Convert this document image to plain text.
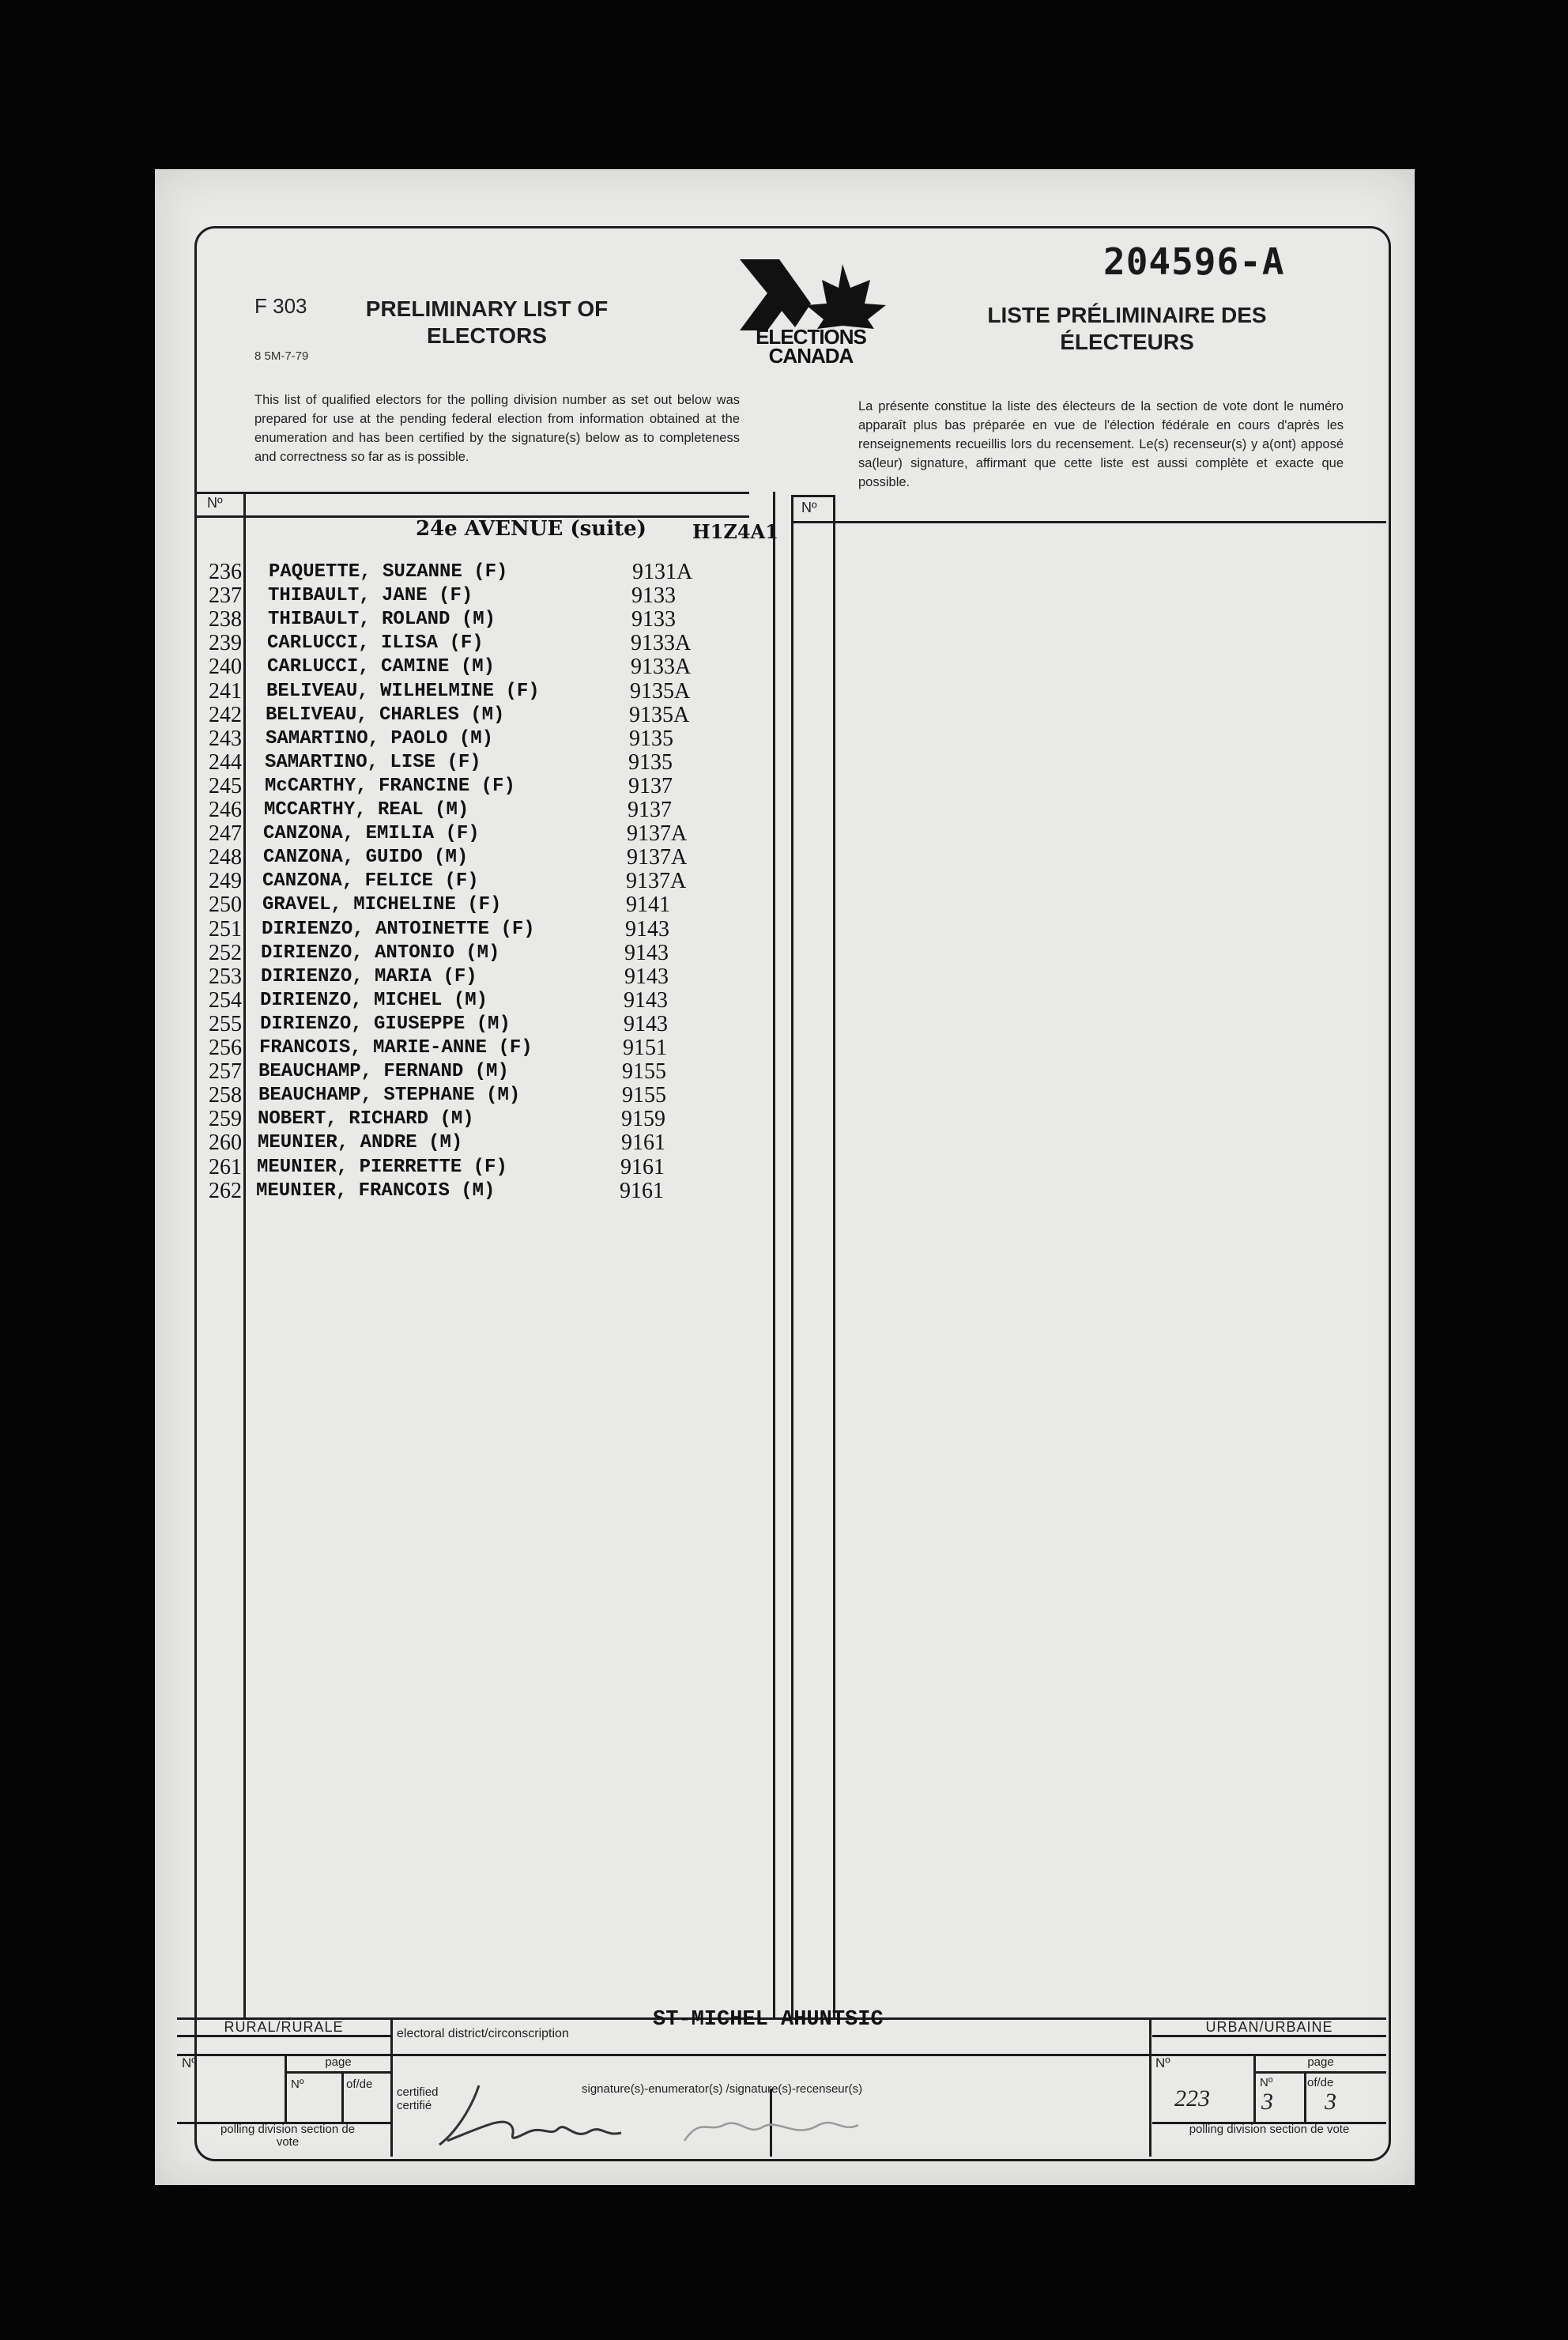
204596-A
F 303
8 5M-7-79
PRELIMINARY LIST OF ELECTORS
LISTE PRÉLIMINAIRE DES ÉLECTEURS
ELECTIONS CANADA
This list of qualified electors for the polling division number as set out below was prepared for use at the pending federal election from information obtained at the enumeration and has been certified by the signature(s) below as to completeness and correctness so far as is possible.
La présente constitue la liste des électeurs de la section de vote dont le numéro apparaît plus bas préparée en vue de l'élection fédérale en cours d'après les renseignements recueillis lors du recensement. Le(s) recenseur(s) y a(ont) apposé sa(leur) signature, affirmant que cette liste est aussi complète et exacte que possible.
Nº	Nº
24e AVENUE (suite) H1Z4A1
236 PAQUETTE, SUZANNE (F)	9131A
237 THIBAULT, JANE (F)	9133
238 THIBAULT, ROLAND (M)	9133
239 CARLUCCI, ILISA (F)	9133A
240 CARLUCCI, CAMINE (M)	9133A
241 BELIVEAU, WILHELMINE (F)	9135A
242 BELIVEAU, CHARLES (M)	9135A
243 SAMARTINO, PAOLO (M)	9135
244 SAMARTINO, LISE (F)	9135
245 McCARTHY, FRANCINE (F)	9137
246 MCCARTHY, REAL (M)	9137
247 CANZONA, EMILIA (F)	9137A
248 CANZONA, GUIDO (M)	9137A
249 CANZONA, FELICE (F)	9137A
250 GRAVEL, MICHELINE (F)	9141
251 DIRIENZO, ANTOINETTE (F)	9143
252 DIRIENZO, ANTONIO (M)	9143
253 DIRIENZO, MARIA (F)	9143
254 DIRIENZO, MICHEL (M)	9143
255 DIRIENZO, GIUSEPPE (M)	9143
256 FRANCOIS, MARIE-ANNE (F)	9151
257 BEAUCHAMP, FERNAND (M)	9155
258 BEAUCHAMP, STEPHANE (M)	9155
259 NOBERT, RICHARD (M)	9159
260 MEUNIER, ANDRE (M)	9161
261 MEUNIER, PIERRETTE (F)	9161
262 MEUNIER, FRANCOIS (M)	9161
RURAL/RURALE
Nº	page
Nº	of/de
polling division section de vote
electoral district/circonscription
ST-MICHEL AHUNTSIC
certified certifié
signature(s)-enumerator(s) /signature(s)-recenseur(s)
URBAN/URBAINE
Nº	page
Nº	of/de
223 3 3
polling division section de vote
